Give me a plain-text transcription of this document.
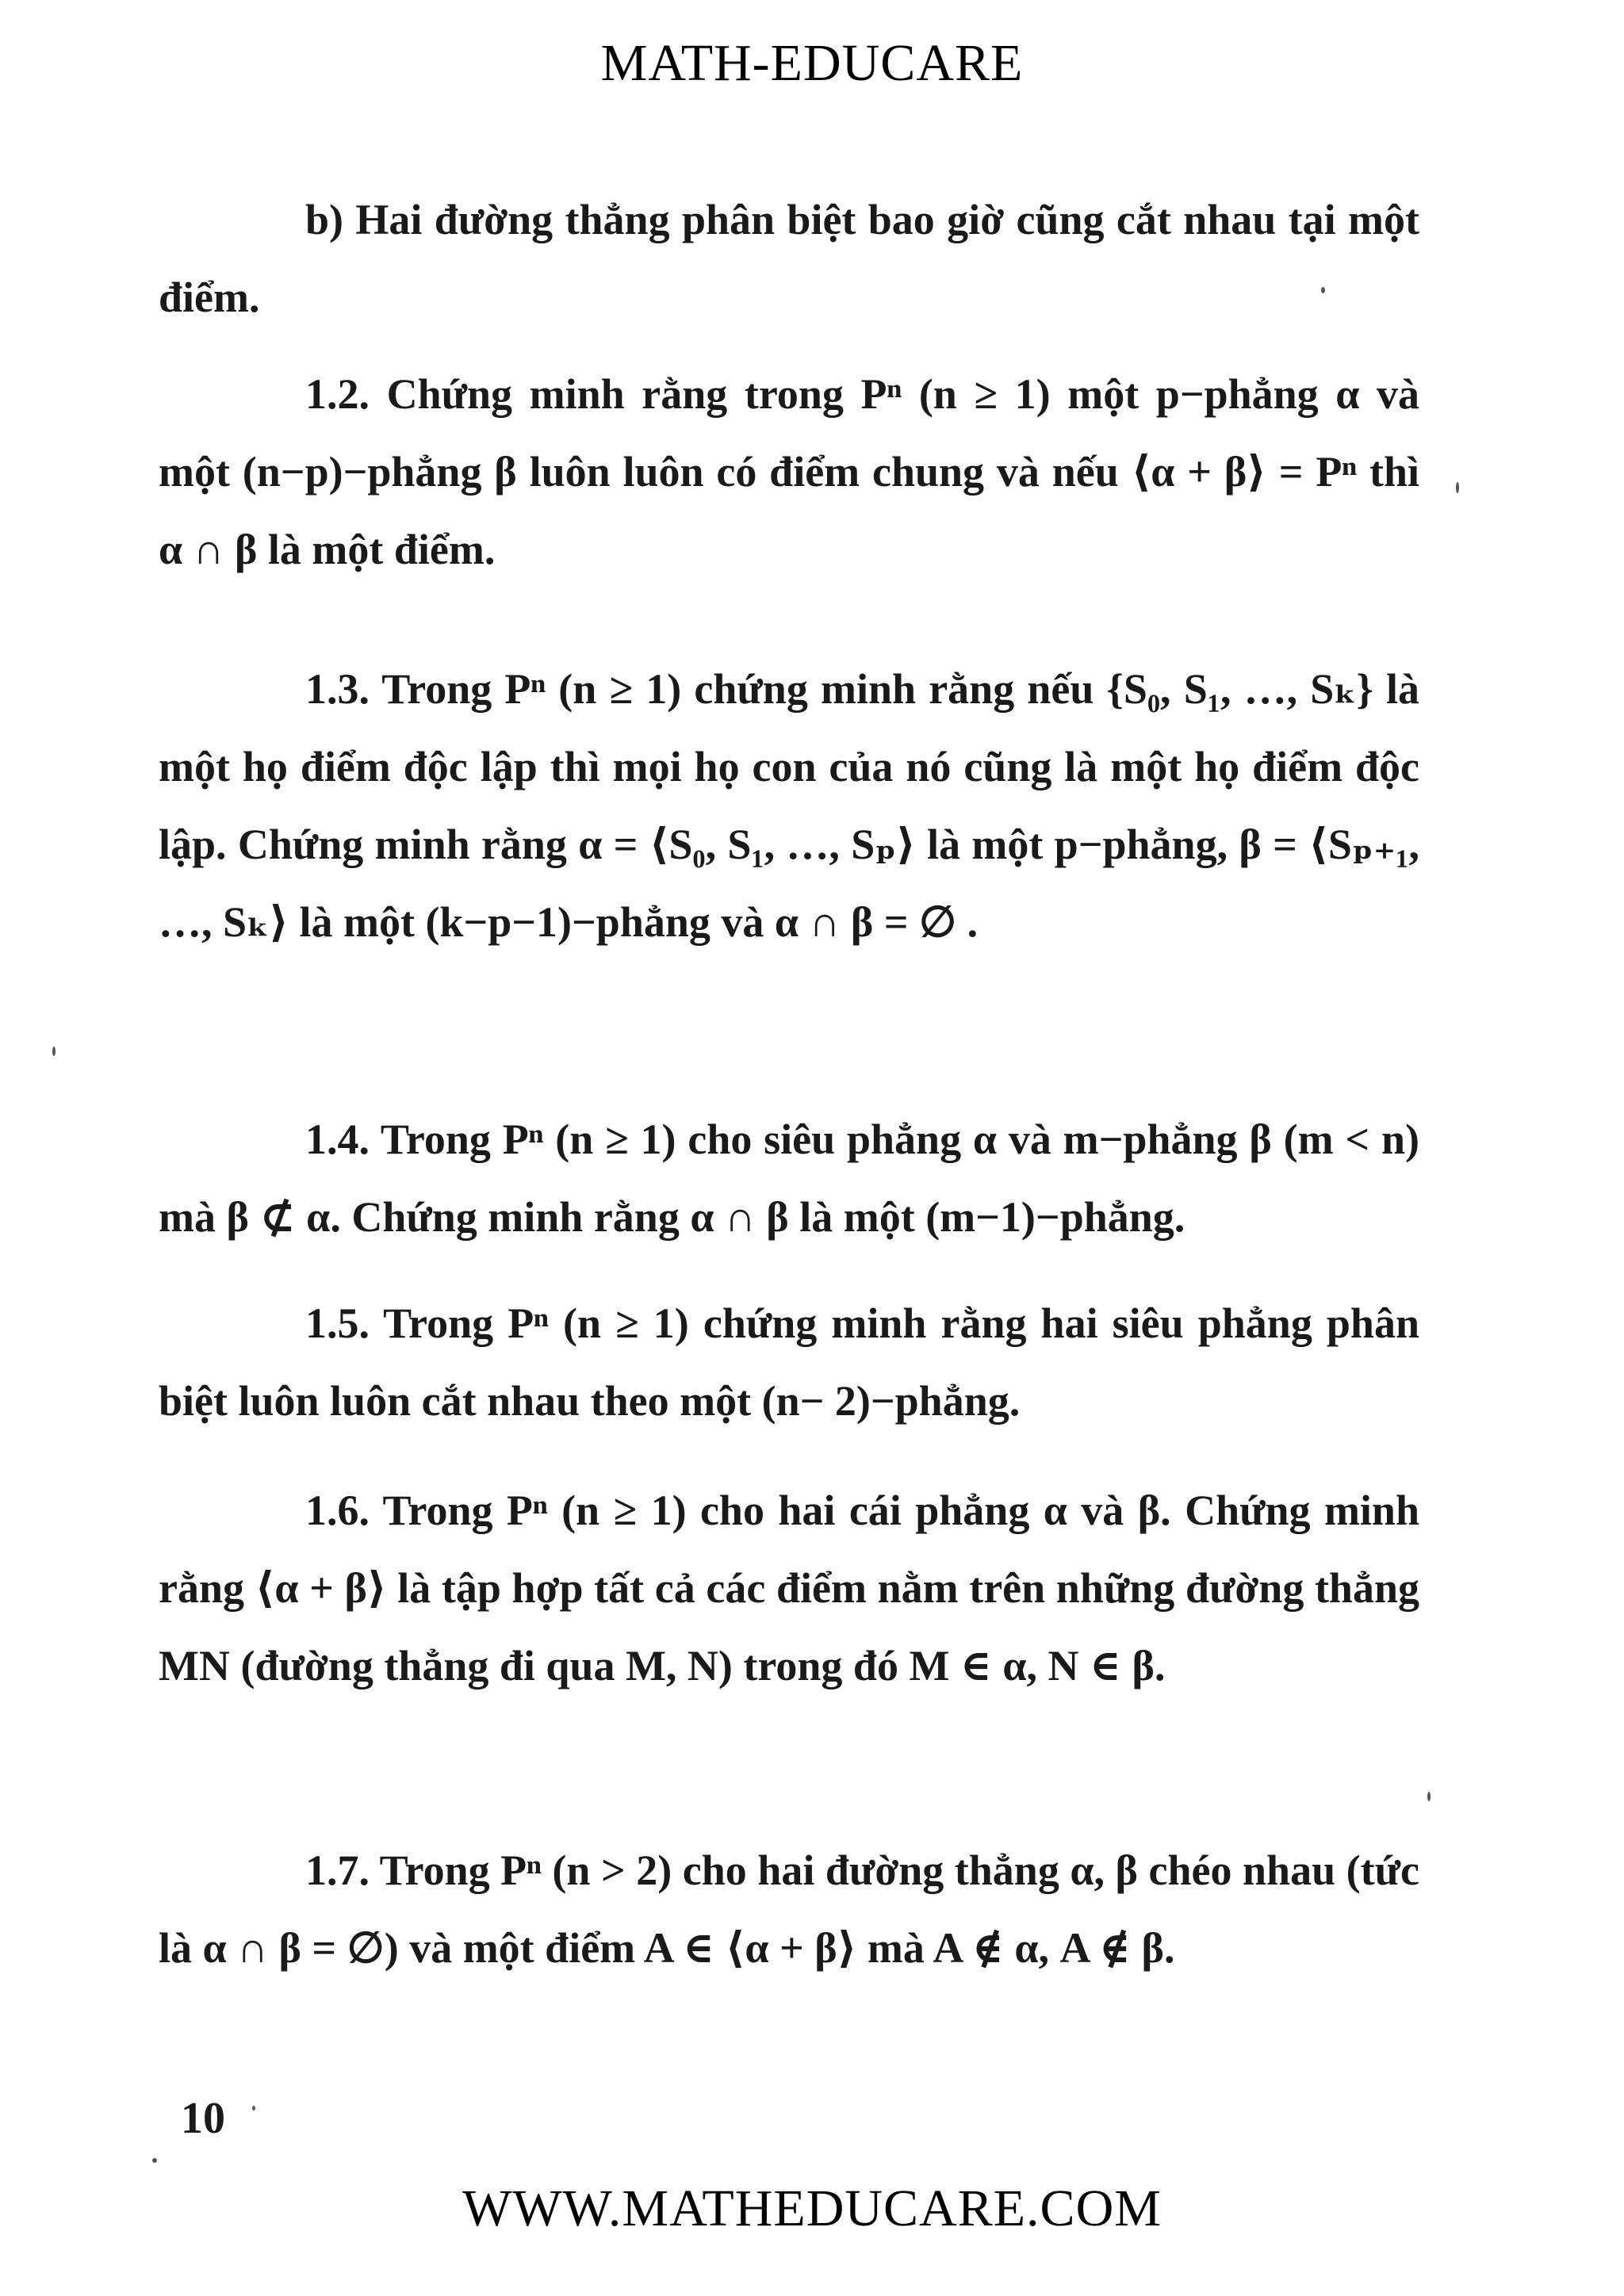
MATH-EDUCARE
b) Hai đường thẳng phân biệt bao giờ cũng cắt nhau tại một điểm.
1.2. Chứng minh rằng trong Pⁿ (n ≥ 1) một p−phẳng α và một (n−p)−phẳng β luôn luôn có điểm chung và nếu ⟨α + β⟩ = Pⁿ thì α ∩ β là một điểm.
1.3. Trong Pⁿ (n ≥ 1) chứng minh rằng nếu {S₀, S₁, …, Sₖ} là một họ điểm độc lập thì mọi họ con của nó cũng là một họ điểm độc lập. Chứng minh rằng α = ⟨S₀, S₁, …, Sₚ⟩ là một p−phẳng, β = ⟨Sₚ₊₁, …, Sₖ⟩ là một (k−p−1)−phẳng và α ∩ β = ∅ .
1.4. Trong Pⁿ (n ≥ 1) cho siêu phẳng α và m−phẳng β (m < n) mà β ⊄ α. Chứng minh rằng α ∩ β là một (m−1)−phẳng.
1.5. Trong Pⁿ (n ≥ 1) chứng minh rằng hai siêu phẳng phân biệt luôn luôn cắt nhau theo một (n− 2)−phẳng.
1.6. Trong Pⁿ (n ≥ 1) cho hai cái phẳng α và β. Chứng minh rằng ⟨α + β⟩ là tập hợp tất cả các điểm nằm trên những đường thẳng MN (đường thẳng đi qua M, N) trong đó M ∈ α, N ∈ β.
1.7. Trong Pⁿ (n > 2) cho hai đường thẳng α, β chéo nhau (tức là α ∩ β = ∅) và một điểm A ∈ ⟨α + β⟩ mà A ∉ α, A ∉ β.
10
WWW.MATHEDUCARE.COM
